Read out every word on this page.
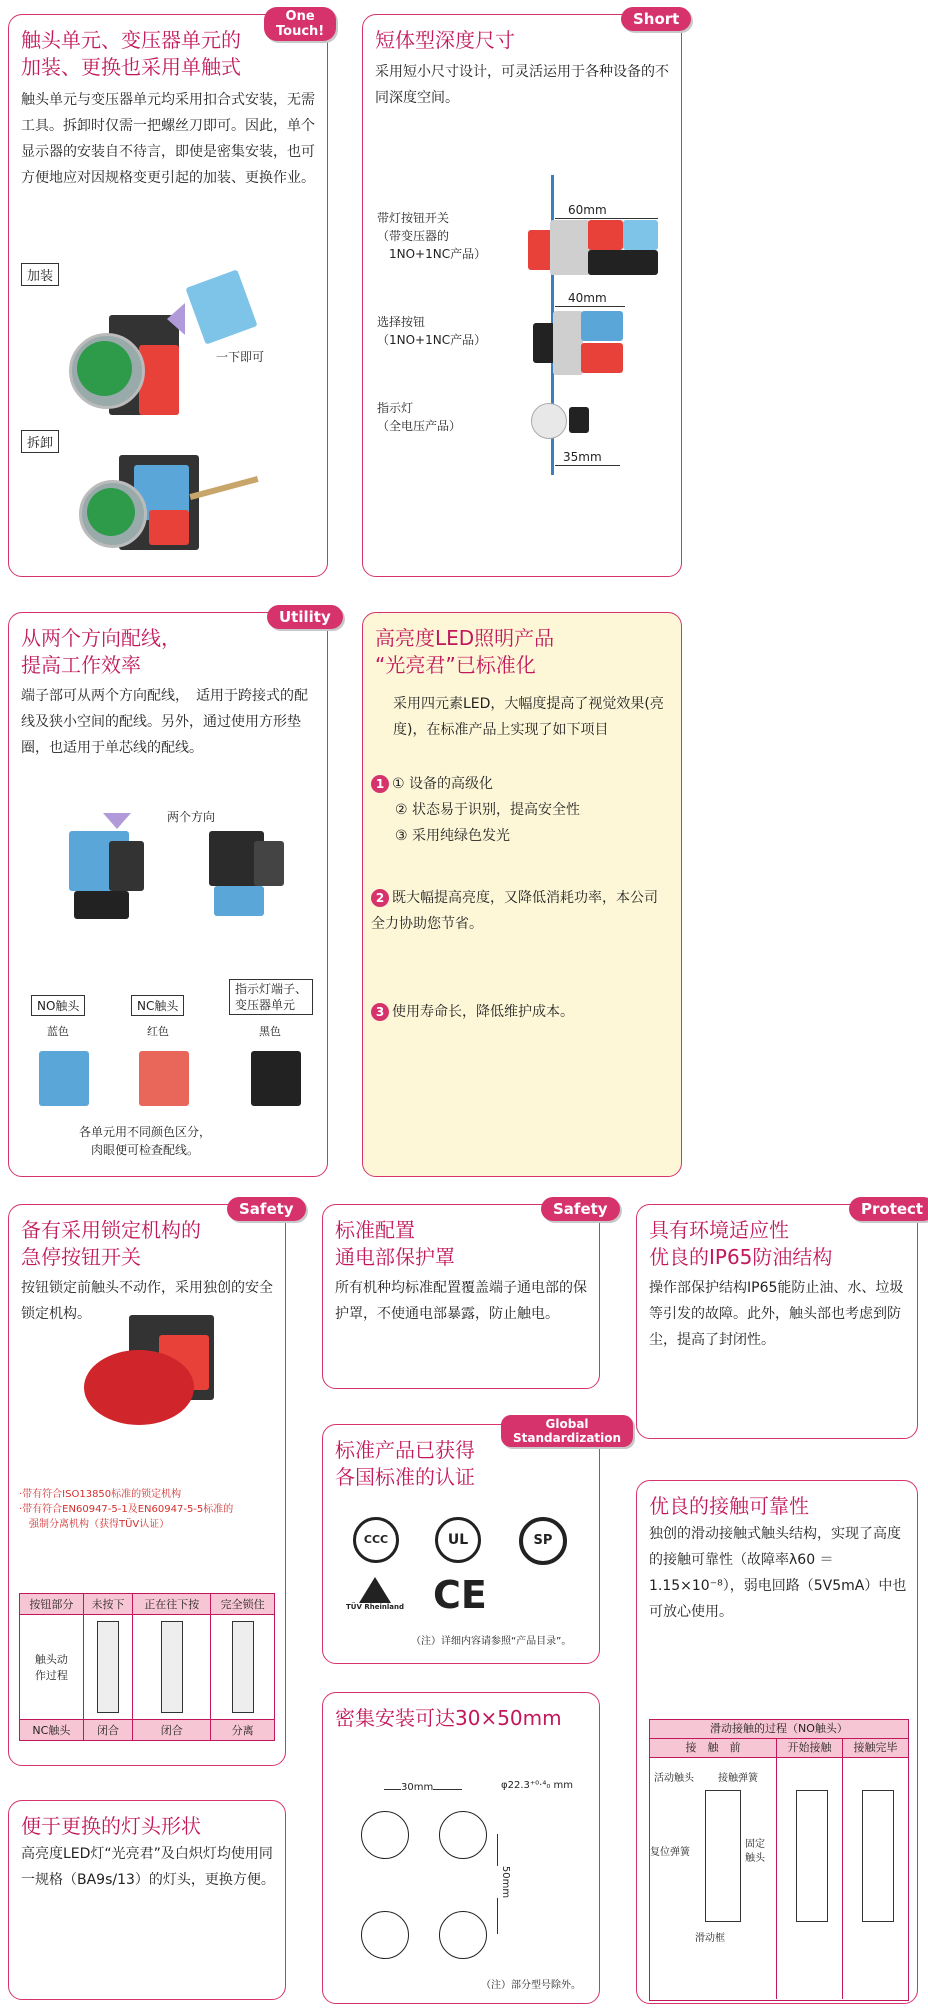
触头单元、变压器单元的
加装、更换也采用单触式
触头单元与变压器单元均采用扣合式安装，无需工具。拆卸时仅需一把螺丝刀即可。因此，单个显示器的安装自不待言，即使是密集安装，也可方便地应对因规格变更引起的加装、更换作业。
加装
一下即可
拆卸
One
Touch!	短体型深度尺寸
采用短小尺寸设计，可灵活运用于各种设备的不同深度空间。
带灯按钮开关
（带变压器的
　1NO+1NC产品）
选择按钮
（1NO+1NC产品）
指示灯
（全电压产品）
60mm
40mm
35mm
Short
从两个方向配线，
提高工作效率
端子部可从两个方向配线，　适用于跨接式的配线及狭小空间的配线。另外，通过使用方形垫圈，也适用于单芯线的配线。
两个方向
NO触头	NC触头
指示灯端子、
变压器单元
蓝色	红色	黑色
各单元用不同颜色区分，
肉眼便可检查配线。
Utility
高亮度LED照明产品
“光亮君”已标准化
采用四元素LED，大幅度提高了视觉效果(亮度)，在标准产品上实现了如下项目
1 ① 设备的高级化
② 状态易于识别，提高安全性
③ 采用纯绿色发光
2 既大幅提高亮度，又降低消耗功率，本公司全力协助您节省。
3 使用寿命长，降低维护成本。
备有采用锁定机构的
急停按钮开关
按钮锁定前触头不动作，采用独创的安全锁定机构。
·带有符合ISO13850标准的锁定机构
·带有符合EN60947-5-1及EN60947-5-5标准的
　强制分离机构（获得TÜV认证）
按钮部分	未按下	正在往下按	完全锁住
触头动
作过程	

NC触头	闭合	闭合	分离
Safety
标准配置
通电部保护罩
所有机种均标准配置覆盖端子通电部的保护罩，不使通电部暴露，防止触电。
Safety
具有环境适应性
优良的IP65防油结构
操作部保护结构IP65能防止油、水、垃圾等引发的故障。此外，触头部也考虑到防尘，提高了封闭性。
Protect
标准产品已获得
各国标准的认证
CCC	UL	SP
TÜV Rheinland CE
（注）详细内容请参照“产品目录”。
Global
Standardization
优良的接触可靠性
独创的滑动接触式触头结构，实现了高度的接触可靠性（故障率λ60 ＝1.15×10⁻⁸），弱电回路（5V5mA）中也可放心使用。
滑动接触的过程（NO触头）
接　触　前	开始接触	接触完毕
活动触头 接触弹簧
复位弹簧
固定
触头
滑动框
便于更换的灯头形状
高亮度LED灯“光亮君”及白炽灯均使用同一规格（BA9s/13）的灯头，更换方便。
密集安装可达30×50mm
30mm	φ22.3⁺⁰·⁴₀ mm
50mm
（注）部分型号除外。
